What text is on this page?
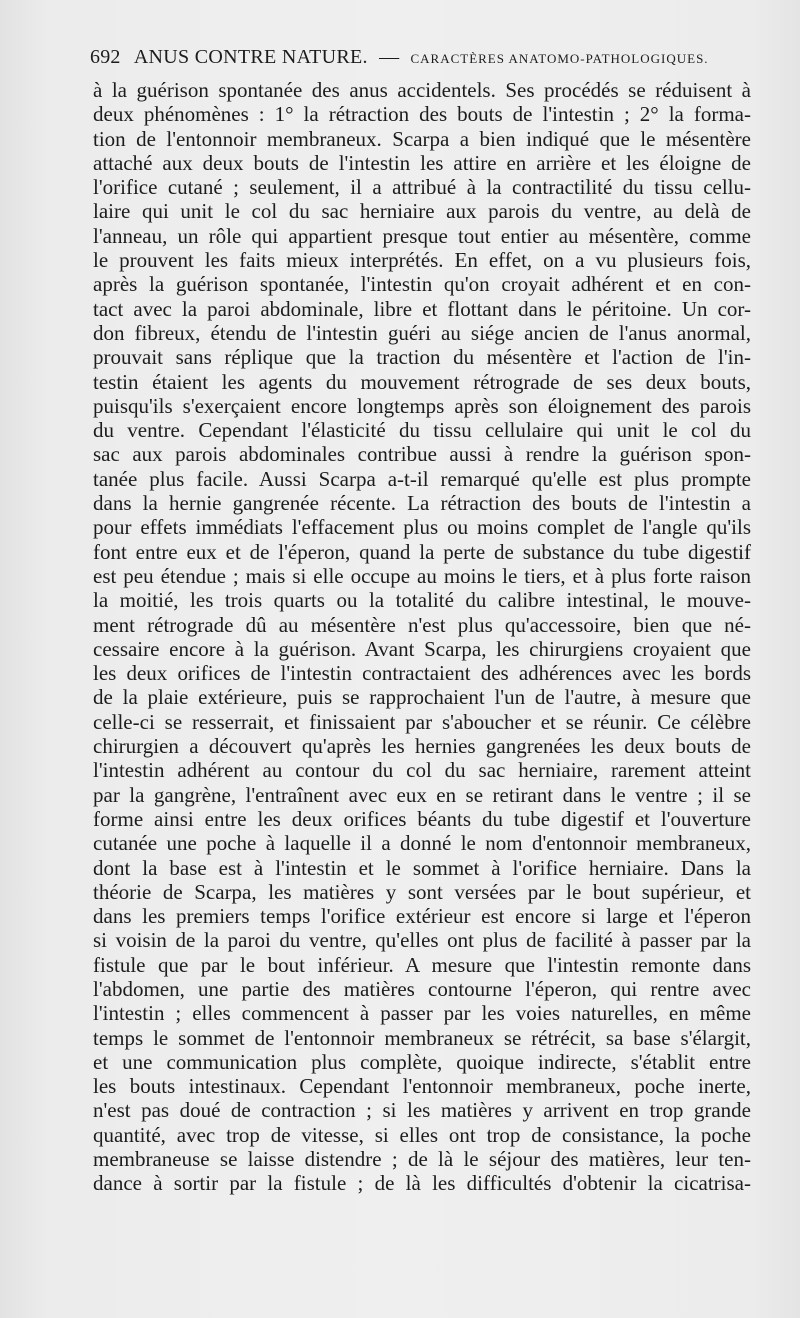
692 ANUS CONTRE NATURE. — CARACTÈRES ANATOMO-PATHOLOGIQUES.
à la guérison spontanée des anus accidentels. Ses procédés se réduisent à
deux phénomènes : 1° la rétraction des bouts de l'intestin ; 2° la forma-
tion de l'entonnoir membraneux. Scarpa a bien indiqué que le mésentère
attaché aux deux bouts de l'intestin les attire en arrière et les éloigne de
l'orifice cutané ; seulement, il a attribué à la contractilité du tissu cellu-
laire qui unit le col du sac herniaire aux parois du ventre, au delà de
l'anneau, un rôle qui appartient presque tout entier au mésentère, comme
le prouvent les faits mieux interprétés. En effet, on a vu plusieurs fois,
après la guérison spontanée, l'intestin qu'on croyait adhérent et en con-
tact avec la paroi abdominale, libre et flottant dans le péritoine. Un cor-
don fibreux, étendu de l'intestin guéri au siége ancien de l'anus anormal,
prouvait sans réplique que la traction du mésentère et l'action de l'in-
testin étaient les agents du mouvement rétrograde de ses deux bouts,
puisqu'ils s'exerçaient encore longtemps après son éloignement des parois
du ventre. Cependant l'élasticité du tissu cellulaire qui unit le col du
sac aux parois abdominales contribue aussi à rendre la guérison spon-
tanée plus facile. Aussi Scarpa a-t-il remarqué qu'elle est plus prompte
dans la hernie gangrenée récente. La rétraction des bouts de l'intestin a
pour effets immédiats l'effacement plus ou moins complet de l'angle qu'ils
font entre eux et de l'éperon, quand la perte de substance du tube digestif
est peu étendue ; mais si elle occupe au moins le tiers, et à plus forte raison
la moitié, les trois quarts ou la totalité du calibre intestinal, le mouve-
ment rétrograde dû au mésentère n'est plus qu'accessoire, bien que né-
cessaire encore à la guérison. Avant Scarpa, les chirurgiens croyaient que
les deux orifices de l'intestin contractaient des adhérences avec les bords
de la plaie extérieure, puis se rapprochaient l'un de l'autre, à mesure que
celle-ci se resserrait, et finissaient par s'aboucher et se réunir. Ce célèbre
chirurgien a découvert qu'après les hernies gangrenées les deux bouts de
l'intestin adhérent au contour du col du sac herniaire, rarement atteint
par la gangrène, l'entraînent avec eux en se retirant dans le ventre ; il se
forme ainsi entre les deux orifices béants du tube digestif et l'ouverture
cutanée une poche à laquelle il a donné le nom d'entonnoir membraneux,
dont la base est à l'intestin et le sommet à l'orifice herniaire. Dans la
théorie de Scarpa, les matières y sont versées par le bout supérieur, et
dans les premiers temps l'orifice extérieur est encore si large et l'éperon
si voisin de la paroi du ventre, qu'elles ont plus de facilité à passer par la
fistule que par le bout inférieur. A mesure que l'intestin remonte dans
l'abdomen, une partie des matières contourne l'éperon, qui rentre avec
l'intestin ; elles commencent à passer par les voies naturelles, en même
temps le sommet de l'entonnoir membraneux se rétrécit, sa base s'élargit,
et une communication plus complète, quoique indirecte, s'établit entre
les bouts intestinaux. Cependant l'entonnoir membraneux, poche inerte,
n'est pas doué de contraction ; si les matières y arrivent en trop grande
quantité, avec trop de vitesse, si elles ont trop de consistance, la poche
membraneuse se laisse distendre ; de là le séjour des matières, leur ten-
dance à sortir par la fistule ; de là les difficultés d'obtenir la cicatrisa-
